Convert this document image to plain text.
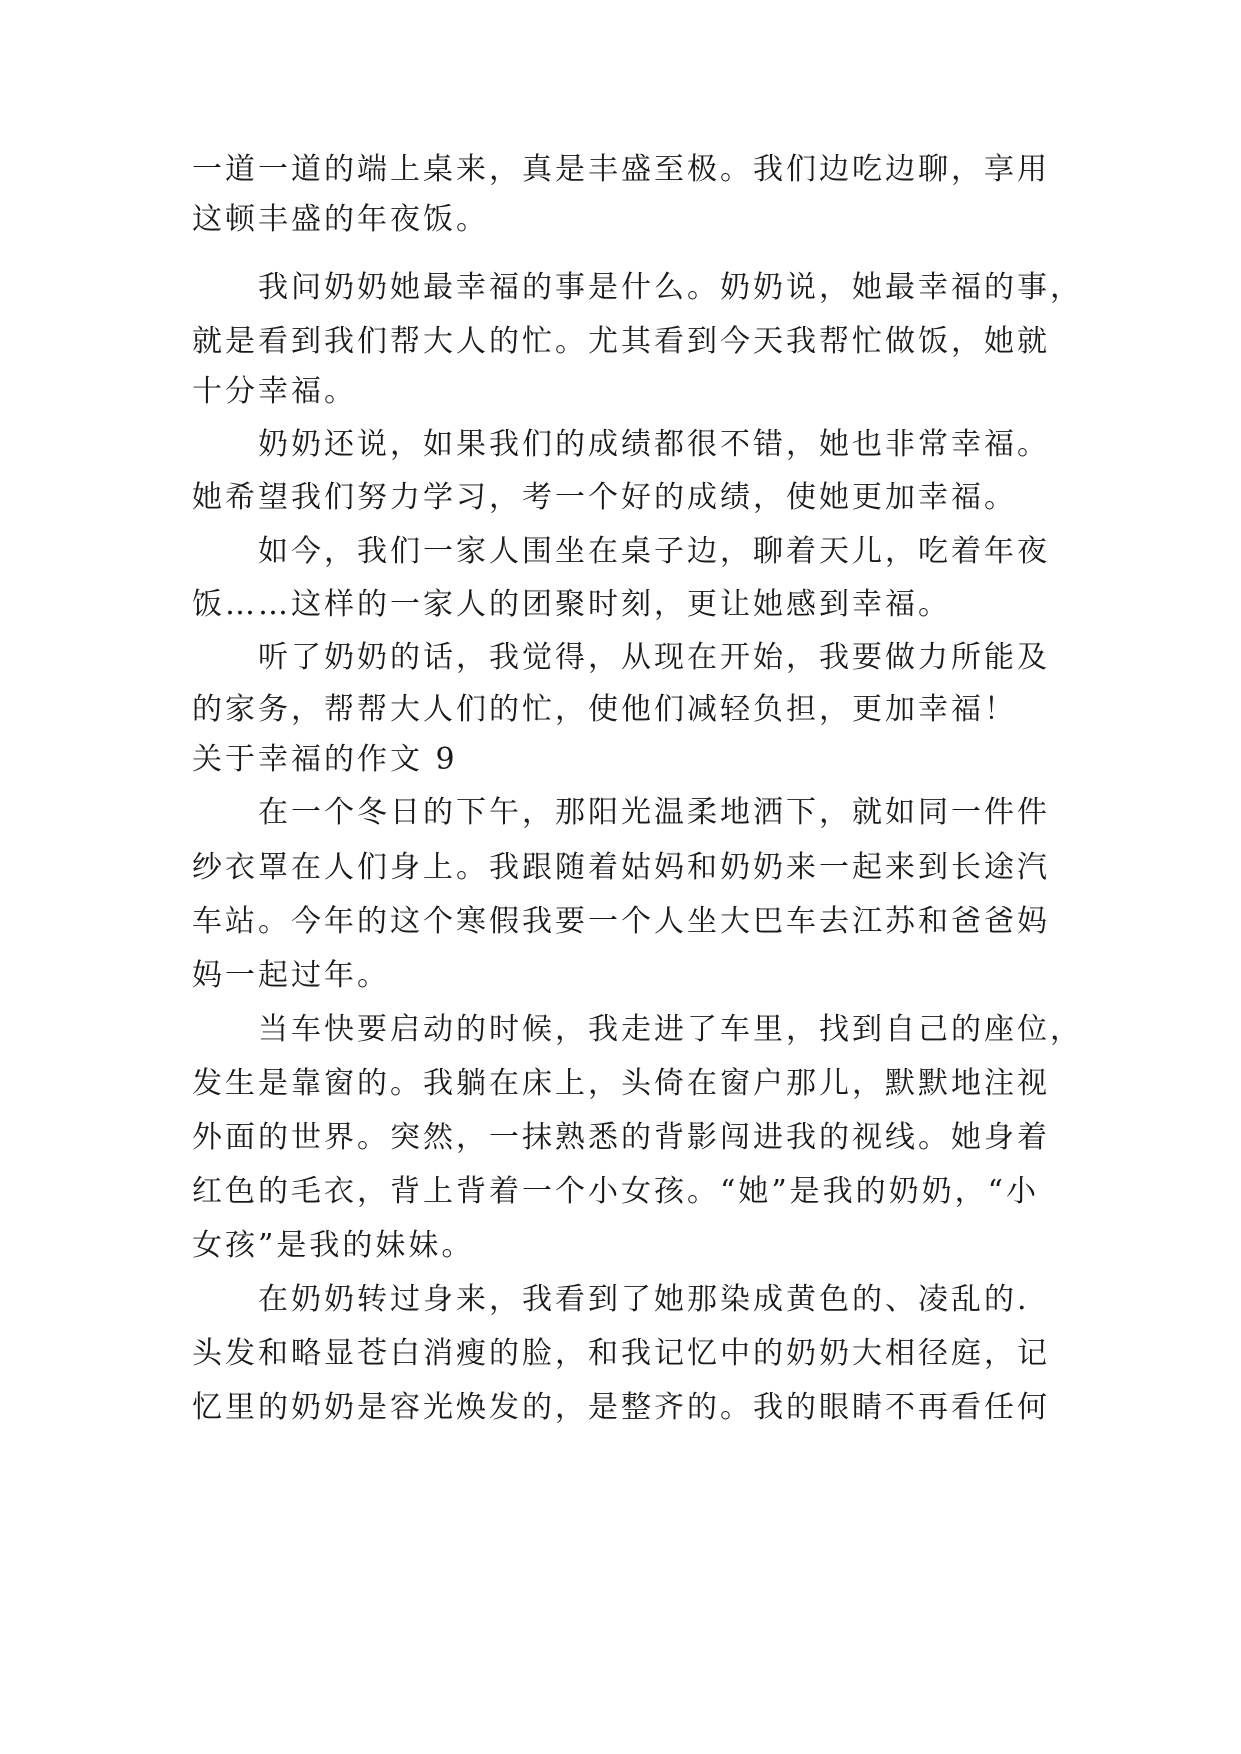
一道一道的端上桌来，真是丰盛至极。我们边吃边聊，享用
这顿丰盛的年夜饭。
我问奶奶她最幸福的事是什么。奶奶说，她最幸福的事，
就是看到我们帮大人的忙。尤其看到今天我帮忙做饭，她就
十分幸福。
奶奶还说，如果我们的成绩都很不错，她也非常幸福。
她希望我们努力学习，考一个好的成绩，使她更加幸福。
如今，我们一家人围坐在桌子边，聊着天儿，吃着年夜
饭……这样的一家人的团聚时刻，更让她感到幸福。
听了奶奶的话，我觉得，从现在开始，我要做力所能及
的家务，帮帮大人们的忙，使他们减轻负担，更加幸福！
关于幸福的作文 9
在一个冬日的下午，那阳光温柔地洒下，就如同一件件
纱衣罩在人们身上。我跟随着姑妈和奶奶来一起来到长途汽
车站。今年的这个寒假我要一个人坐大巴车去江苏和爸爸妈
妈一起过年。
当车快要启动的时候，我走进了车里，找到自己的座位，
发生是靠窗的。我躺在床上，头倚在窗户那儿，默默地注视
外面的世界。突然，一抹熟悉的背影闯进我的视线。她身着
红色的毛衣，背上背着一个小女孩。“她”是我的奶奶，“小
女孩”是我的妹妹。
在奶奶转过身来，我看到了她那染成黄色的、凌乱的.
头发和略显苍白消瘦的脸，和我记忆中的奶奶大相径庭，记
忆里的奶奶是容光焕发的，是整齐的。我的眼睛不再看任何
